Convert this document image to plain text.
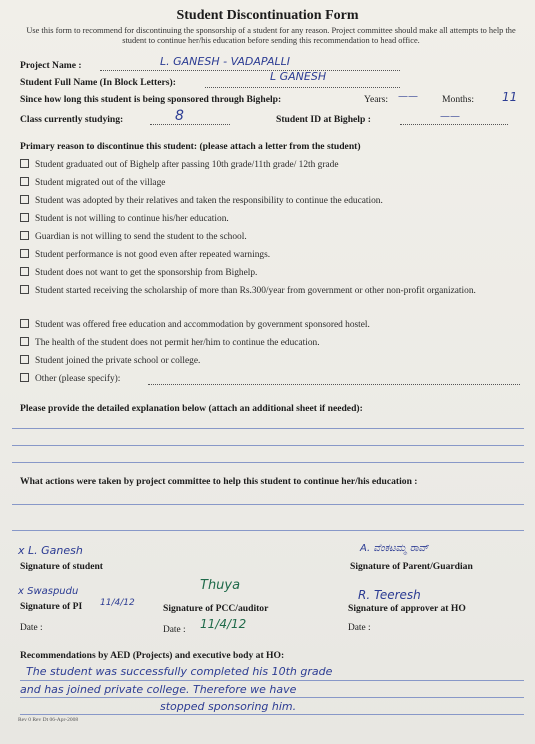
Student Discontinuation Form
Use this form to recommend for discontinuing the sponsorship of a student for any reason. Project committee should make all attempts to help the student to continue her/his education before sending this recommendation to head office.
Project Name :	L. GANESH - VADAPALLI
Student Full Name (In Block Letters):	L GANESH
Since how long this student is being sponsored through Bighelp:	Years: ——	Months: 11
Class currently studying:	8	Student ID at Bighelp :	——
Primary reason to discontinue this student: (please attach a letter from the student)
Student graduated out of Bighelp after passing 10th grade/11th grade/ 12th grade
Student migrated out of the village
Student was adopted by their relatives and taken the responsibility to continue the education.
Student is not willing to continue his/her education.
Guardian is not willing to send the student to the school.
Student performance is not good even after repeated warnings.
Student does not want to get the sponsorship from Bighelp.
Student started receiving the scholarship of more than Rs.300/year from government or other non-profit organization.
Student was offered free education and accommodation by government sponsored hostel.
The health of the student does not permit her/him to continue the education.
Student joined the private school or college.
Other (please specify):
Please provide the detailed explanation below (attach an additional sheet if needed):
What actions were taken by project committee to help this student to continue her/his education :
x L. Ganesh
Signature of student
A. ವೆಂಕಟಮ್ಮ ರಾವ್
Signature of Parent/Guardian
x Swaspudu
Signature of PI 11/4/12
Thuya
Signature of PCC/auditor
R. Teeresh
Signature of approver at HO
Date :	Date : 11/4/12	Date :
Recommendations by AED (Projects) and executive body at HO:
The student was successfully completed his 10th grade
and has joined private college. Therefore we have
stopped sponsoring him.
Rev 0 Rev Dt 06-Apr-2008
